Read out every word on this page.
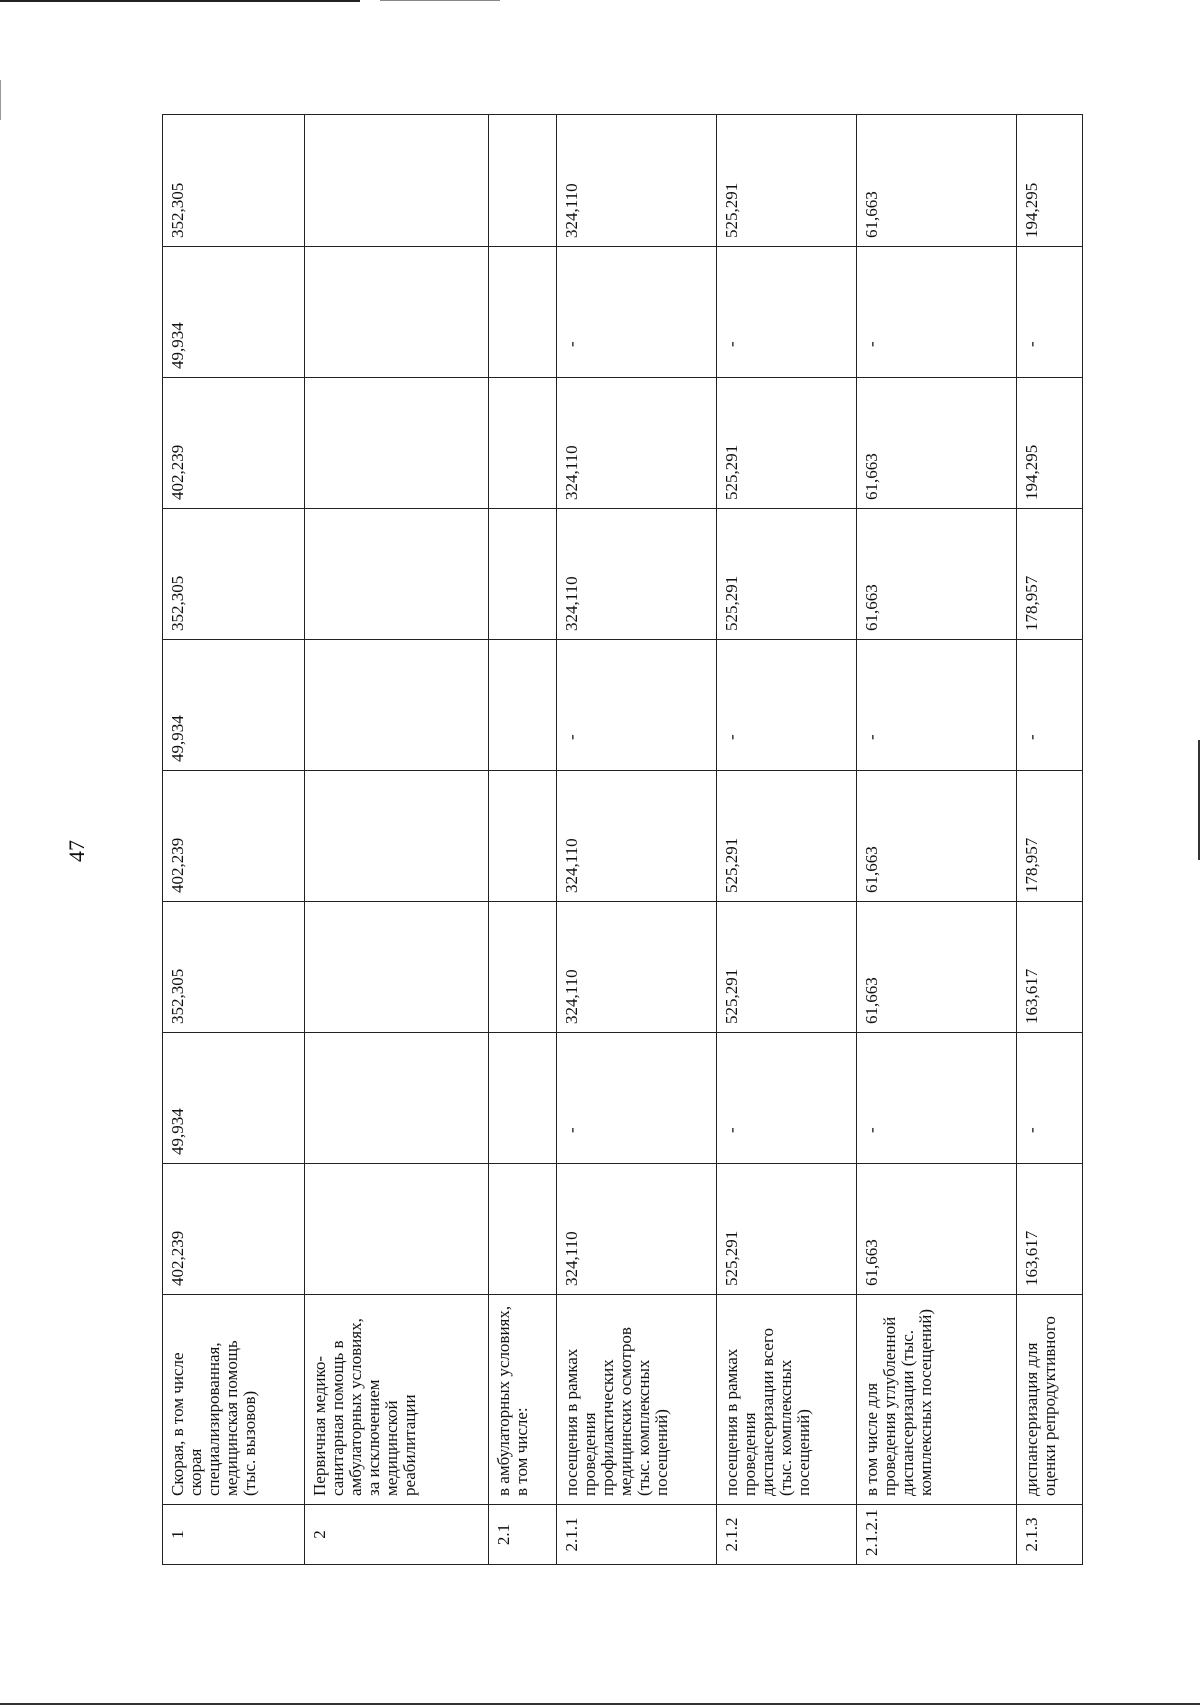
47
1	Скорая, в том числе скорая специализированная, медицинская помощь (тыс. вызовов)	402,239	49,934	352,305	402,239	49,934	352,305	402,239	49,934	352,305
2	Первичная медико-санитарная помощь в амбулаторных условиях, за исключением медицинской реабилитации									
2.1	в амбулаторных условиях, в том числе:									
2.1.1	посещения в рамках проведения профилактических медицинских осмотров (тыс. комплексных посещений)	324,110	-	324,110	324,110	-	324,110	324,110	-	324,110
2.1.2	посещения в рамках проведения диспансеризации всего (тыс. комплексных посещений)	525,291	-	525,291	525,291	-	525,291	525,291	-	525,291
2.1.2.1	в том числе для проведения углубленной диспансеризации (тыс. комплексных посещений)	61,663	-	61,663	61,663	-	61,663	61,663	-	61,663
2.1.3	диспансеризация для оценки репродуктивного	163,617	-	163,617	178,957	-	178,957	194,295	-	194,295
